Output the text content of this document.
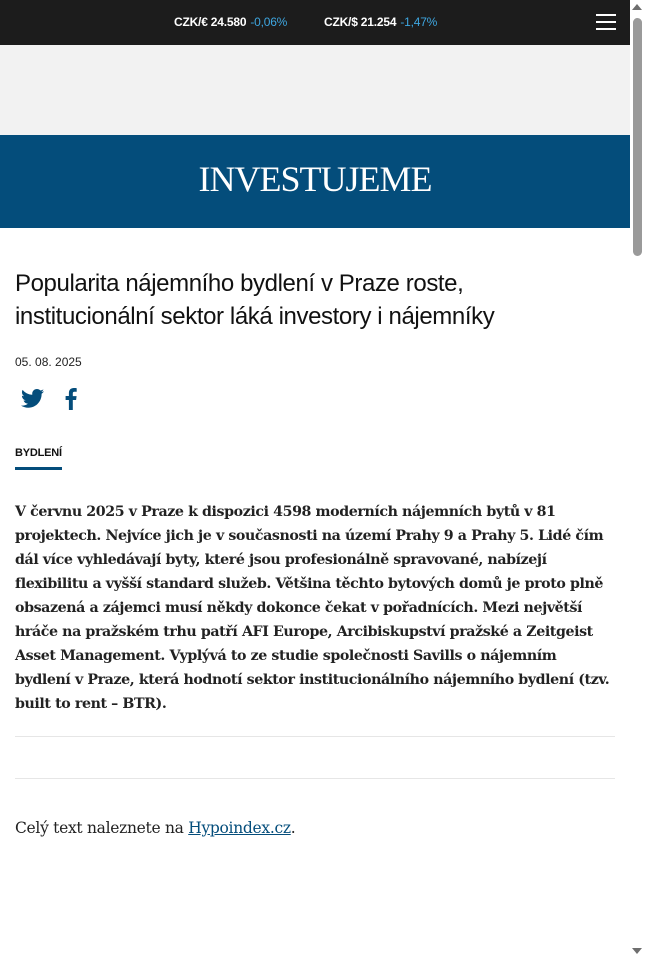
CZK/€ 24.580 -0,06%	CZK/$ 21.254 -1,47%
INVESTUJEME
Popularita nájemního bydlení v Praze roste, institucionální sektor láká investory i nájemníky
05. 08. 2025
BYDLENÍ

V červnu 2025 v Praze k dispozici 4598 moderních nájemních bytů v 81 projektech. Nejvíce jich je v současnosti na území Prahy 9 a Prahy 5. Lidé čím dál více vyhledávají byty, které jsou profesionálně spravované, nabízejí flexibilitu a vyšší standard služeb. Většina těchto bytových domů je proto plně obsazená a zájemci musí někdy dokonce čekat v pořadnících. Mezi největší hráče na pražském trhu patří AFI Europe, Arcibiskupství pražské a Zeitgeist Asset Management. Vyplývá to ze studie společnosti Savills o nájemním bydlení v Praze, která hodnotí sektor institucionálního nájemního bydlení (tzv. built to rent – BTR).

Celý text naleznete na Hypoindex.cz.
